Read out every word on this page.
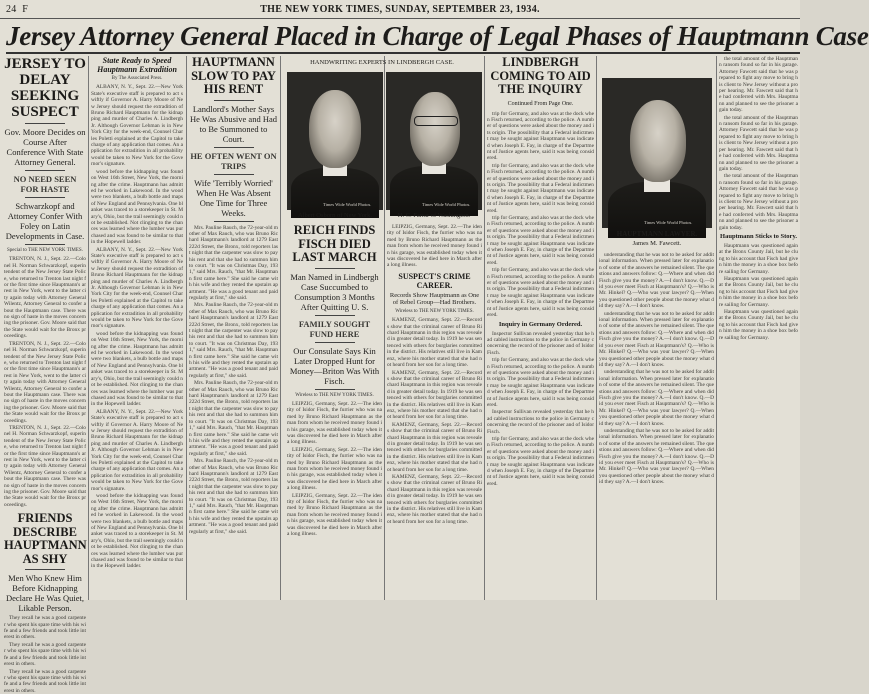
24 F	THE NEW YORK TIMES, SUNDAY, SEPTEMBER 23, 1934.
Jersey Attorney General Placed in Charge of Legal Phases of Hauptmann Case
JERSEY TO DELAY SEEKING SUSPECT
Gov. Moore Decides on Course After Conference With State Attorney General.
NO NEED SEEN FOR HASTE
Schwarzkopf and Attorney Confer With Foley on Latin Developments in Case.
Special to THE NEW YORK TIMES.

TRENTON, N. J., Sept. 22.—Colonel H. Norman Schwarzkopf, superintendent of the New Jersey State Police, who returned to Trenton last night for the first time since Hauptmann's arrest in New York, went to the latter city again today with Attorney General Wilentz, Attorney General to confer about the Hauptmann case. There was no sign of haste in the moves concerning the prisoner. Gov. Moore said that the State would wait for the Bronx proceedings.

TRENTON, N. J., Sept. 22.—Colonel H. Norman Schwarzkopf, superintendent of the New Jersey State Police, who returned to Trenton last night for the first time since Hauptmann's arrest in New York, went to the latter city again today with Attorney General Wilentz, Attorney General to confer about the Hauptmann case. There was no sign of haste in the moves concerning the prisoner. Gov. Moore said that the State would wait for the Bronx proceedings.

TRENTON, N. J., Sept. 22.—Colonel H. Norman Schwarzkopf, superintendent of the New Jersey State Police, who returned to Trenton last night for the first time since Hauptmann's arrest in New York, went to the latter city again today with Attorney General Wilentz, Attorney General to confer about the Hauptmann case. There was no sign of haste in the moves concerning the prisoner. Gov. Moore said that the State would wait for the Bronx proceedings.

FRIENDS DESCRIBE HAUPTMANN AS SHY
Men Who Knew Him Before Kidnapping Declare He Was Quiet, Likable Person.

They recall he was a good carpenter who spent his spare time with his wife and a few friends and took little interest in others.

They recall he was a good carpenter who spent his spare time with his wife and a few friends and took little interest in others.

They recall he was a good carpenter who spent his spare time with his wife and a few friends and took little interest in others.

State Ready to Speed Hauptmann Extradition
By The Associated Press.

ALBANY, N. Y., Sept. 22.—New York State's executive staff is prepared to act swiftly if Governor A. Harry Moore of New Jersey should request the extradition of Bruno Richard Hauptmann for the kidnapping and murder of Charles A. Lindbergh Jr. Although Governor Lehman is in New York City for the week-end, Counsel Charles Poletti explained at the Capitol to take charge of any application that comes. An application for extradition in all probability would be taken to New York for the Governor's signature.

wood before the kidnapping was found on West 16th Street, New York, the morning after the crime. Hauptmann has admitted he worked in Lakewood. In the wood were two blankets, a bulb bottle and maps of New England and Pennsylvania. One blanket was traced to a storekeeper in St. Mary's, Ohio, but the trail seemingly could not be established. Not clinging to the chances was learned where the lumber was purchased and was found to be similar to that in the Hopewell ladder.

ALBANY, N. Y., Sept. 22.—New York State's executive staff is prepared to act swiftly if Governor A. Harry Moore of New Jersey should request the extradition of Bruno Richard Hauptmann for the kidnapping and murder of Charles A. Lindbergh Jr. Although Governor Lehman is in New York City for the week-end, Counsel Charles Poletti explained at the Capitol to take charge of any application that comes. An application for extradition in all probability would be taken to New York for the Governor's signature.

wood before the kidnapping was found on West 16th Street, New York, the morning after the crime. Hauptmann has admitted he worked in Lakewood. In the wood were two blankets, a bulb bottle and maps of New England and Pennsylvania. One blanket was traced to a storekeeper in St. Mary's, Ohio, but the trail seemingly could not be established. Not clinging to the chances was learned where the lumber was purchased and was found to be similar to that in the Hopewell ladder.

ALBANY, N. Y., Sept. 22.—New York State's executive staff is prepared to act swiftly if Governor A. Harry Moore of New Jersey should request the extradition of Bruno Richard Hauptmann for the kidnapping and murder of Charles A. Lindbergh Jr. Although Governor Lehman is in New York City for the week-end, Counsel Charles Poletti explained at the Capitol to take charge of any application that comes. An application for extradition in all probability would be taken to New York for the Governor's signature.

wood before the kidnapping was found on West 16th Street, New York, the morning after the crime. Hauptmann has admitted he worked in Lakewood. In the wood were two blankets, a bulb bottle and maps of New England and Pennsylvania. One blanket was traced to a storekeeper in St. Mary's, Ohio, but the trail seemingly could not be established. Not clinging to the chances was learned where the lumber was purchased and was found to be similar to that in the Hopewell ladder.

HAUPTMANN SLOW TO PAY HIS RENT
Landlord's Mother Says He Was Abusive and Had to Be Summoned to Court.
HE OFTEN WENT ON TRIPS
Wife 'Terribly Worried' When He Was Absent One Time for Three Weeks.

Mrs. Pauline Rauch, the 72-year-old mother of Max Rauch, who was Bruno Richard Hauptmann's landlord at 1279 East 222d Street, the Bronx, told reporters last night that the carpenter was slow to pay his rent and that she had to summon him to court. "It was on Christmas Day, 1931," said Mrs. Rauch, "that Mr. Hauptmann first came here." She said he came with his wife and they rented the upstairs apartment. "He was a good tenant and paid regularly at first," she said.

Mrs. Pauline Rauch, the 72-year-old mother of Max Rauch, who was Bruno Richard Hauptmann's landlord at 1279 East 222d Street, the Bronx, told reporters last night that the carpenter was slow to pay his rent and that she had to summon him to court. "It was on Christmas Day, 1931," said Mrs. Rauch, "that Mr. Hauptmann first came here." She said he came with his wife and they rented the upstairs apartment. "He was a good tenant and paid regularly at first," she said.

Mrs. Pauline Rauch, the 72-year-old mother of Max Rauch, who was Bruno Richard Hauptmann's landlord at 1279 East 222d Street, the Bronx, told reporters last night that the carpenter was slow to pay his rent and that she had to summon him to court. "It was on Christmas Day, 1931," said Mrs. Rauch, "that Mr. Hauptmann first came here." She said he came with his wife and they rented the upstairs apartment. "He was a good tenant and paid regularly at first," she said.

Mrs. Pauline Rauch, the 72-year-old mother of Max Rauch, who was Bruno Richard Hauptmann's landlord at 1279 East 222d Street, the Bronx, told reporters last night that the carpenter was slow to pay his rent and that she had to summon him to court. "It was on Christmas Day, 1931," said Mrs. Rauch, "that Mr. Hauptmann first came here." She said he came with his wife and they rented the upstairs apartment. "He was a good tenant and paid regularly at first," she said.

HANDWRITING EXPERTS IN LINDBERGH CASE.
Times Wide World Photos.	Times Wide World Photos.
Albert Osborn of New York.	H. C. Farrar of Washington.
REICH FINDS FISCH DIED LAST MARCH
Man Named in Lindbergh Case Succumbed to Consumption 3 Months After Quitting U. S.
FAMILY SOUGHT FUND HERE
Our Consulate Says Kin Later Dropped Hunt for Money—Briton Was With Fisch.
Wireless to THE NEW YORK TIMES.

LEIPZIG, Germany, Sept. 22.—The identity of Isidor Fisch, the furrier who was named by Bruno Richard Hauptmann as the man from whom he received money found in his garage, was established today when it was discovered he died here in March after a long illness.

LEIPZIG, Germany, Sept. 22.—The identity of Isidor Fisch, the furrier who was named by Bruno Richard Hauptmann as the man from whom he received money found in his garage, was established today when it was discovered he died here in March after a long illness.

LEIPZIG, Germany, Sept. 22.—The identity of Isidor Fisch, the furrier who was named by Bruno Richard Hauptmann as the man from whom he received money found in his garage, was established today when it was discovered he died here in March after a long illness.

LEIPZIG, Germany, Sept. 22.—The identity of Isidor Fisch, the furrier who was named by Bruno Richard Hauptmann as the man from whom he received money found in his garage, was established today when it was discovered he died here in March after a long illness.

SUSPECT'S CRIME CAREER.
Records Show Hauptmann as One of Rebel Group—Had Brothers.
Wireless to THE NEW YORK TIMES.

KAMENZ, Germany, Sept. 22.—Records show that the criminal career of Bruno Richard Hauptmann in this region was revealed in greater detail today. In 1919 he was sentenced with others for burglaries committed in the district. His relatives still live in Kamenz, where his mother stated that she had not heard from her son for a long time.

KAMENZ, Germany, Sept. 22.—Records show that the criminal career of Bruno Richard Hauptmann in this region was revealed in greater detail today. In 1919 he was sentenced with others for burglaries committed in the district. His relatives still live in Kamenz, where his mother stated that she had not heard from her son for a long time.

KAMENZ, Germany, Sept. 22.—Records show that the criminal career of Bruno Richard Hauptmann in this region was revealed in greater detail today. In 1919 he was sentenced with others for burglaries committed in the district. His relatives still live in Kamenz, where his mother stated that she had not heard from her son for a long time.

KAMENZ, Germany, Sept. 22.—Records show that the criminal career of Bruno Richard Hauptmann in this region was revealed in greater detail today. In 1919 he was sentenced with others for burglaries committed in the district. His relatives still live in Kamenz, where his mother stated that she had not heard from her son for a long time.

LINDBERGH COMING TO AID THE INQUIRY
Continued From Page One.

trip for Germany, and also was at the dock when Fisch returned, according to the police. A number of questions were asked about the money and its origin. The possibility that a Federal indictment may be sought against Hauptmann was indicated when Joseph E. Fay, in charge of the Department of Justice agents here, said it was being considered.

trip for Germany, and also was at the dock when Fisch returned, according to the police. A number of questions were asked about the money and its origin. The possibility that a Federal indictment may be sought against Hauptmann was indicated when Joseph E. Fay, in charge of the Department of Justice agents here, said it was being considered.

trip for Germany, and also was at the dock when Fisch returned, according to the police. A number of questions were asked about the money and its origin. The possibility that a Federal indictment may be sought against Hauptmann was indicated when Joseph E. Fay, in charge of the Department of Justice agents here, said it was being considered.

trip for Germany, and also was at the dock when Fisch returned, according to the police. A number of questions were asked about the money and its origin. The possibility that a Federal indictment may be sought against Hauptmann was indicated when Joseph E. Fay, in charge of the Department of Justice agents here, said it was being considered.

Inquiry in Germany Ordered.

Inspector Sullivan revealed yesterday that he had cabled instructions to the police in Germany concerning the record of the prisoner and of Isidor Fisch.

trip for Germany, and also was at the dock when Fisch returned, according to the police. A number of questions were asked about the money and its origin. The possibility that a Federal indictment may be sought against Hauptmann was indicated when Joseph E. Fay, in charge of the Department of Justice agents here, said it was being considered.

Inspector Sullivan revealed yesterday that he had cabled instructions to the police in Germany concerning the record of the prisoner and of Isidor Fisch.

trip for Germany, and also was at the dock when Fisch returned, according to the police. A number of questions were asked about the money and its origin. The possibility that a Federal indictment may be sought against Hauptmann was indicated when Joseph E. Fay, in charge of the Department of Justice agents here, said it was being considered.

Times Wide World Photos.
HAUPTMANN LAWYER.
James M. Fawcett.

understanding that he was not to be asked for additional information. When pressed later for explanation of some of the answers he remained silent. The questions and answers follow: Q.—Where and when did Fisch give you the money? A.—I don't know. Q.—Did you ever meet Fisch at Hauptmann's? Q.—Who is Mr. Hinkel? Q.—Who was your lawyer? Q.—When you questioned other people about the money what did they say? A.—I don't know.

understanding that he was not to be asked for additional information. When pressed later for explanation of some of the answers he remained silent. The questions and answers follow: Q.—Where and when did Fisch give you the money? A.—I don't know. Q.—Did you ever meet Fisch at Hauptmann's? Q.—Who is Mr. Hinkel? Q.—Who was your lawyer? Q.—When you questioned other people about the money what did they say? A.—I don't know.

understanding that he was not to be asked for additional information. When pressed later for explanation of some of the answers he remained silent. The questions and answers follow: Q.—Where and when did Fisch give you the money? A.—I don't know. Q.—Did you ever meet Fisch at Hauptmann's? Q.—Who is Mr. Hinkel? Q.—Who was your lawyer? Q.—When you questioned other people about the money what did they say? A.—I don't know.

understanding that he was not to be asked for additional information. When pressed later for explanation of some of the answers he remained silent. The questions and answers follow: Q.—Where and when did Fisch give you the money? A.—I don't know. Q.—Did you ever meet Fisch at Hauptmann's? Q.—Who is Mr. Hinkel? Q.—Who was your lawyer? Q.—When you questioned other people about the money what did they say? A.—I don't know.

the total amount of the Hauptmann ransom found so far in his garage. Attorney Fawcett said that he was prepared to fight any move to bring his client to New Jersey without a proper hearing. Mr. Fawcett said that he had conferred with Mrs. Hauptmann and planned to see the prisoner again today.

the total amount of the Hauptmann ransom found so far in his garage. Attorney Fawcett said that he was prepared to fight any move to bring his client to New Jersey without a proper hearing. Mr. Fawcett said that he had conferred with Mrs. Hauptmann and planned to see the prisoner again today.

the total amount of the Hauptmann ransom found so far in his garage. Attorney Fawcett said that he was prepared to fight any move to bring his client to New Jersey without a proper hearing. Mr. Fawcett said that he had conferred with Mrs. Hauptmann and planned to see the prisoner again today.

Hauptmann Sticks to Story.

Hauptmann was questioned again at the Bronx County Jail, but he clung to his account that Fisch had given him the money in a shoe box before sailing for Germany.

Hauptmann was questioned again at the Bronx County Jail, but he clung to his account that Fisch had given him the money in a shoe box before sailing for Germany.

Hauptmann was questioned again at the Bronx County Jail, but he clung to his account that Fisch had given him the money in a shoe box before sailing for Germany.
